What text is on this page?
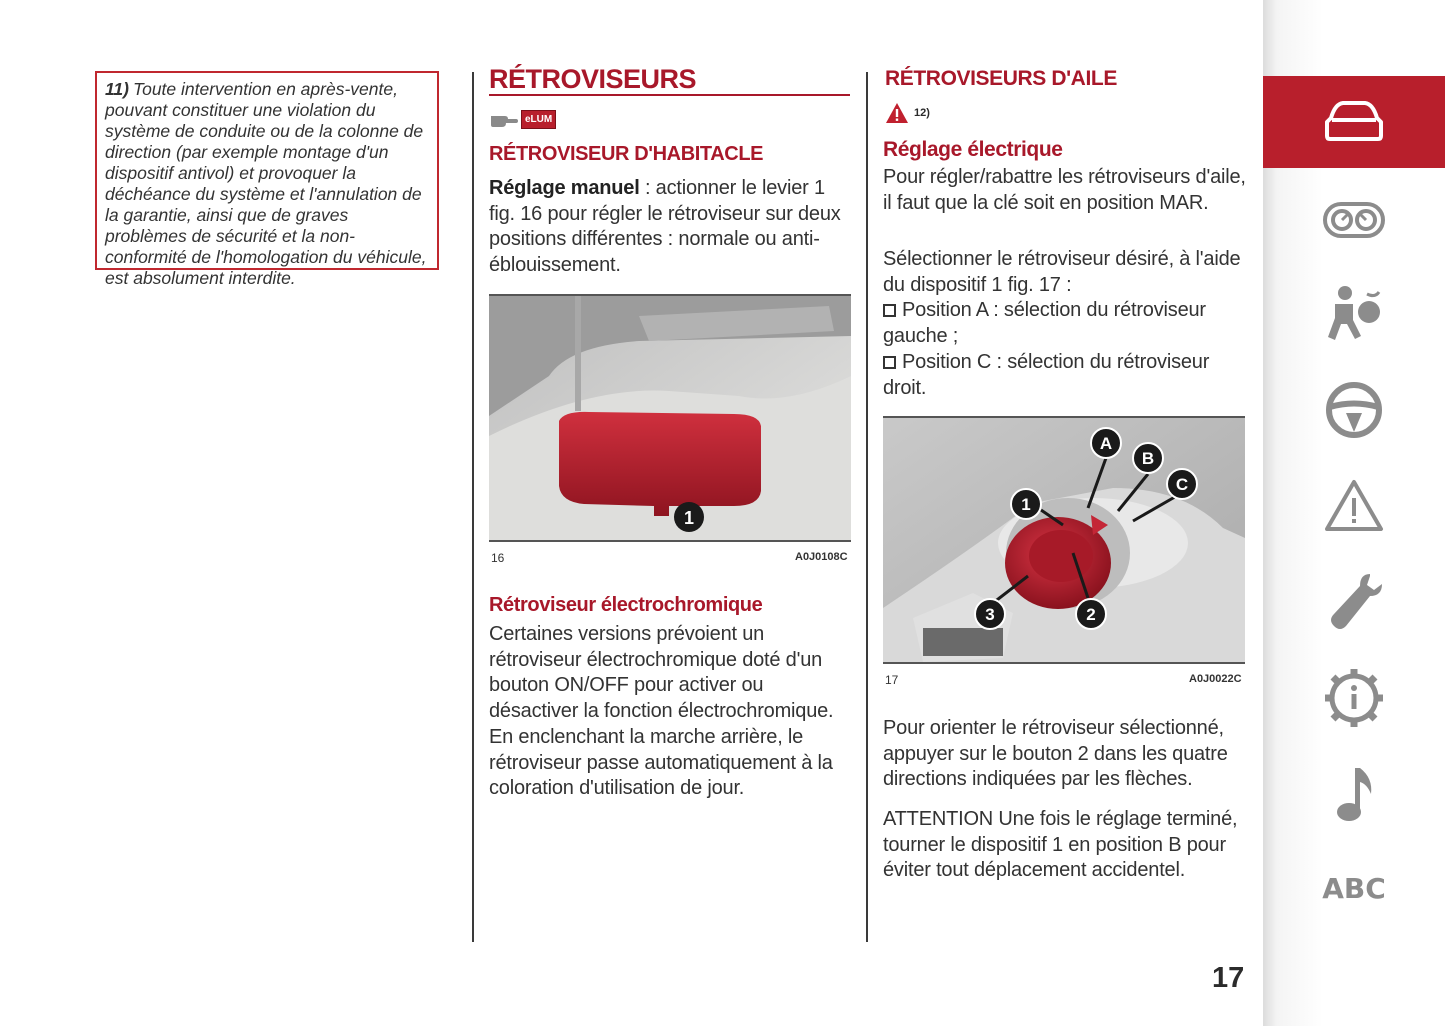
11) Toute intervention en après-vente, pouvant constituer une violation du système de conduite ou de la colonne de direction (par exemple montage d'un dispositif antivol) et provoquer la déchéance du système et l'annulation de la garantie, ainsi que de graves problèmes de sécurité et la non-conformité de l'homologation du véhicule, est absolument interdite.
RÉTROVISEURS
eLUM
RÉTROVISEUR D'HABITACLE
Réglage manuel : actionner le levier 1 fig. 16 pour régler le rétroviseur sur deux positions différentes : normale ou anti-éblouissement.
1
16	A0J0108C
Rétroviseur électrochromique
Certaines versions prévoient un rétroviseur électrochromique doté d'un bouton ON/OFF pour activer ou désactiver la fonction électrochromique. En enclenchant la marche arrière, le rétroviseur passe automatiquement à la coloration d'utilisation de jour.
RÉTROVISEURS D'AILE
12)
Réglage électrique
Pour régler/rabattre les rétroviseurs d'aile, il faut que la clé soit en position MAR.
Sélectionner le rétroviseur désiré, à l'aide du dispositif 1 fig. 17 :
Position A : sélection du rétroviseur gauche ;
Position C : sélection du rétroviseur droit.
A
B
C
1
2
3
17	A0J0022C
Pour orienter le rétroviseur sélectionné, appuyer sur le bouton 2 dans les quatre directions indiquées par les flèches.
ATTENTION Une fois le réglage terminé, tourner le dispositif 1 en position B pour éviter tout déplacement accidentel.
ABC
17
